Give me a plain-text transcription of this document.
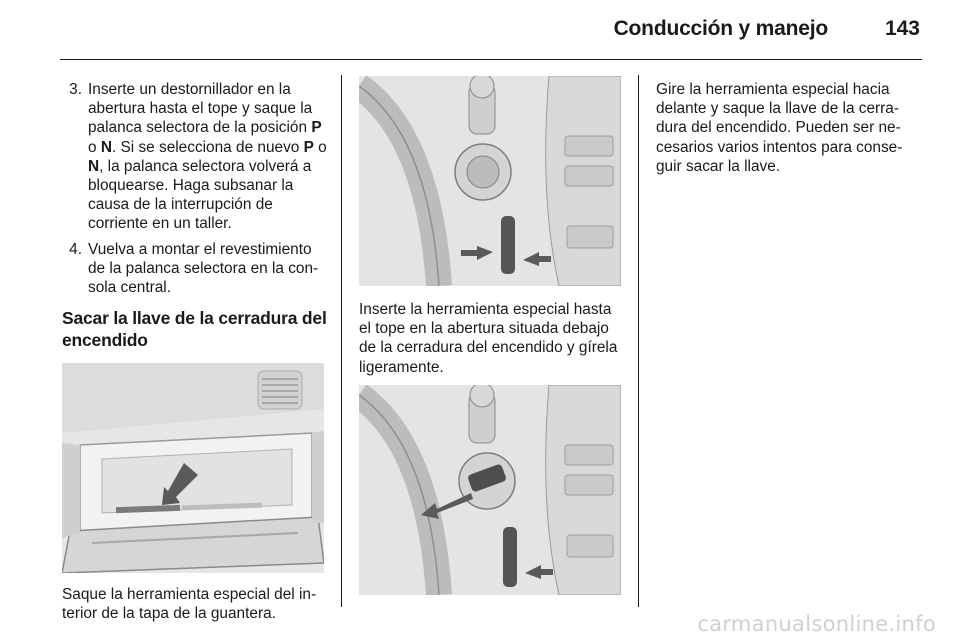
Conducción y manejo	143
3. Inserte un destornillador en la abertura hasta el tope y saque la palanca selectora de la posición P o N. Si se selecciona de nuevo P o N, la palanca selectora volverá a bloquearse. Haga subsanar la causa de la interrupción de corriente en un taller.
4. Vuelva a montar el revestimiento de la palanca selectora en la consola central.
Sacar la llave de la cerradura del encendido

Saque la herramienta especial del interior de la tapa de la guantera.

Inserte la herramienta especial hasta el tope en la abertura situada debajo de la cerradura del encendido y gírela ligeramente.

Gire la herramienta especial hacia delante y saque la llave de la cerradura del encendido. Pueden ser necesarios varios intentos para conseguir sacar la llave.

carmanualsonline.info
